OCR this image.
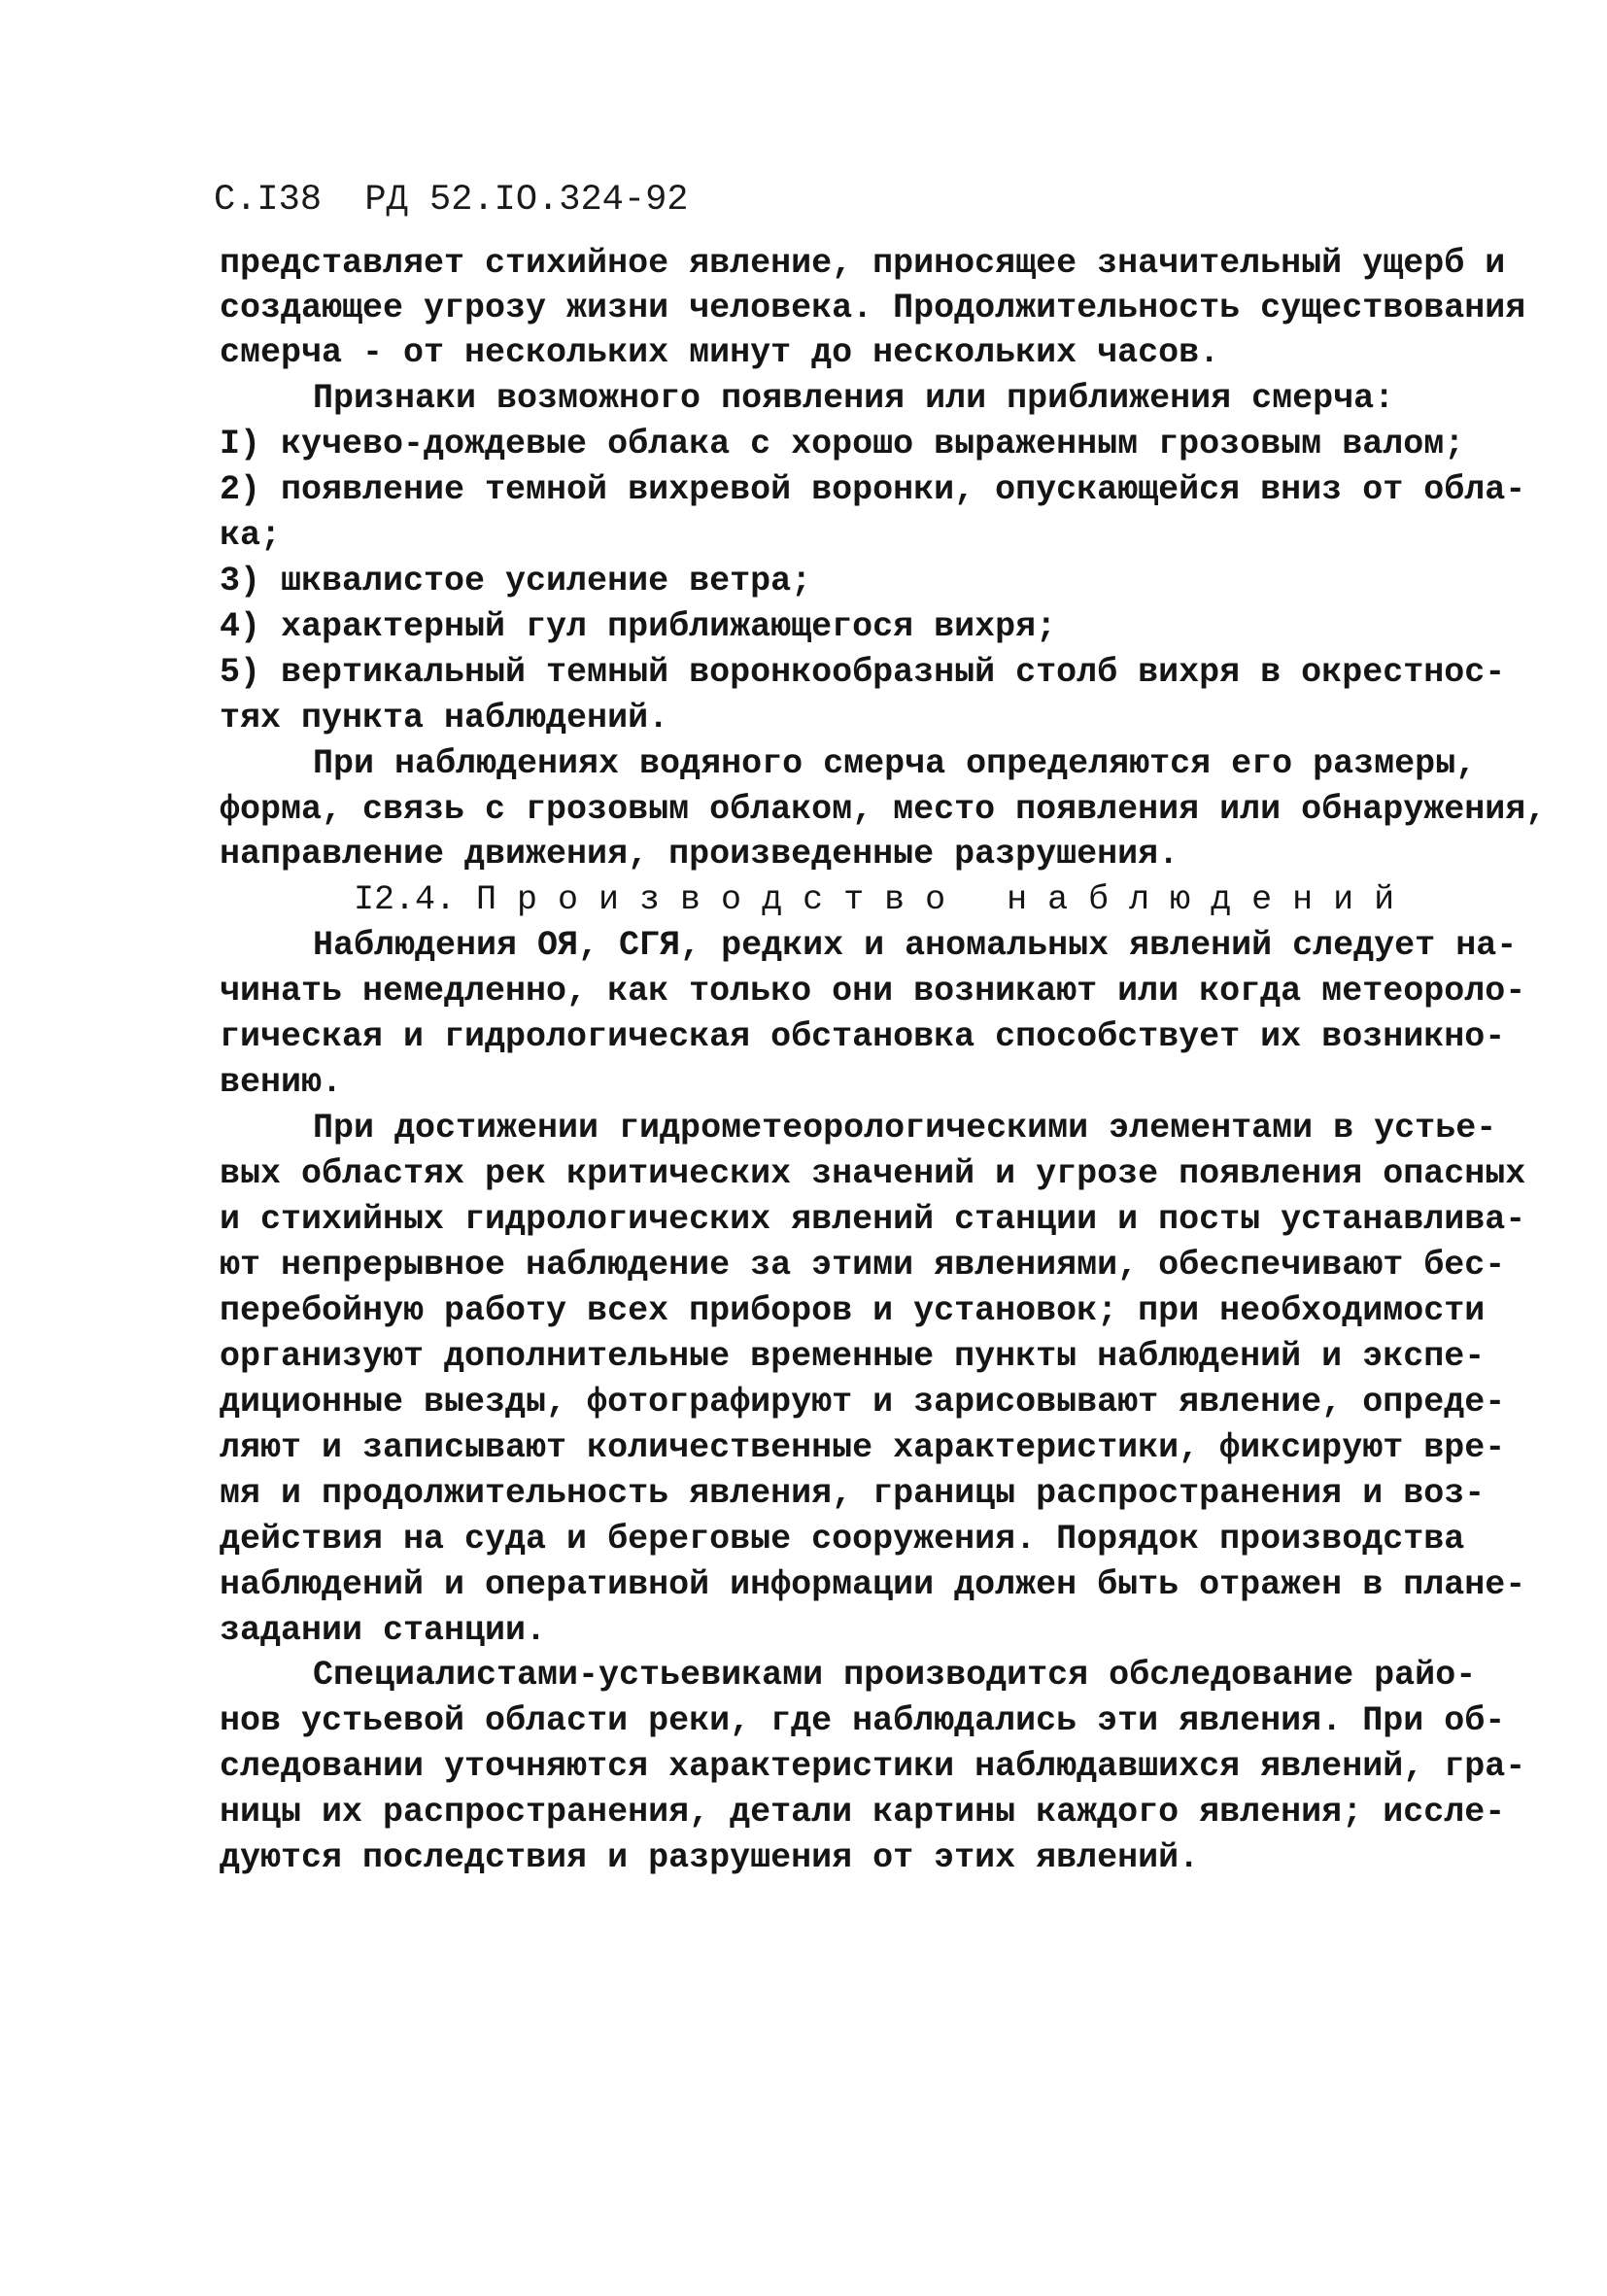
С.I38  РД 52.IO.324-92
представляет стихийное явление, приносящее значительный ущерб и
создающее угрозу жизни человека. Продолжительность существования
смерча - от нескольких минут до нескольких часов.
Признаки возможного появления или приближения смерча:
I) кучево-дождевые облака с хорошо выраженным грозовым валом;
2) появление темной вихревой воронки, опускающейся вниз от обла-
ка;
3) шквалистое усиление ветра;
4) характерный гул приближающегося вихря;
5) вертикальный темный воронкообразный столб вихря в окрестнос-
тях пункта наблюдений.
При наблюдениях водяного смерча определяются его размеры,
форма, связь с грозовым облаком, место появления или обнаружения,
направление движения, произведенные разрушения.
I2.4. П р о и з в о д с т в о   н а б л ю д е н и й
Наблюдения ОЯ, СГЯ, редких и аномальных явлений следует на-
чинать немедленно, как только они возникают или когда метеороло-
гическая и гидрологическая обстановка способствует их возникно-
вению.
При достижении гидрометеорологическими элементами в устье-
вых областях рек критических значений и угрозе появления опасных
и стихийных гидрологических явлений станции и посты устанавлива-
ют непрерывное наблюдение за этими явлениями, обеспечивают бес-
перебойную работу всех приборов и установок; при необходимости
организуют дополнительные временные пункты наблюдений и экспе-
диционные выезды, фотографируют и зарисовывают явление, опреде-
ляют и записывают количественные характеристики, фиксируют вре-
мя и продолжительность явления, границы распространения и воз-
действия на суда и береговые сооружения. Порядок производства
наблюдений и оперативной информации должен быть отражен в плане-
задании станции.
Специалистами-устьевиками производится обследование райо-
нов устьевой области реки, где наблюдались эти явления. При об-
следовании уточняются характеристики наблюдавшихся явлений, гра-
ницы их распространения, детали картины каждого явления; иссле-
дуются последствия и разрушения от этих явлений.
